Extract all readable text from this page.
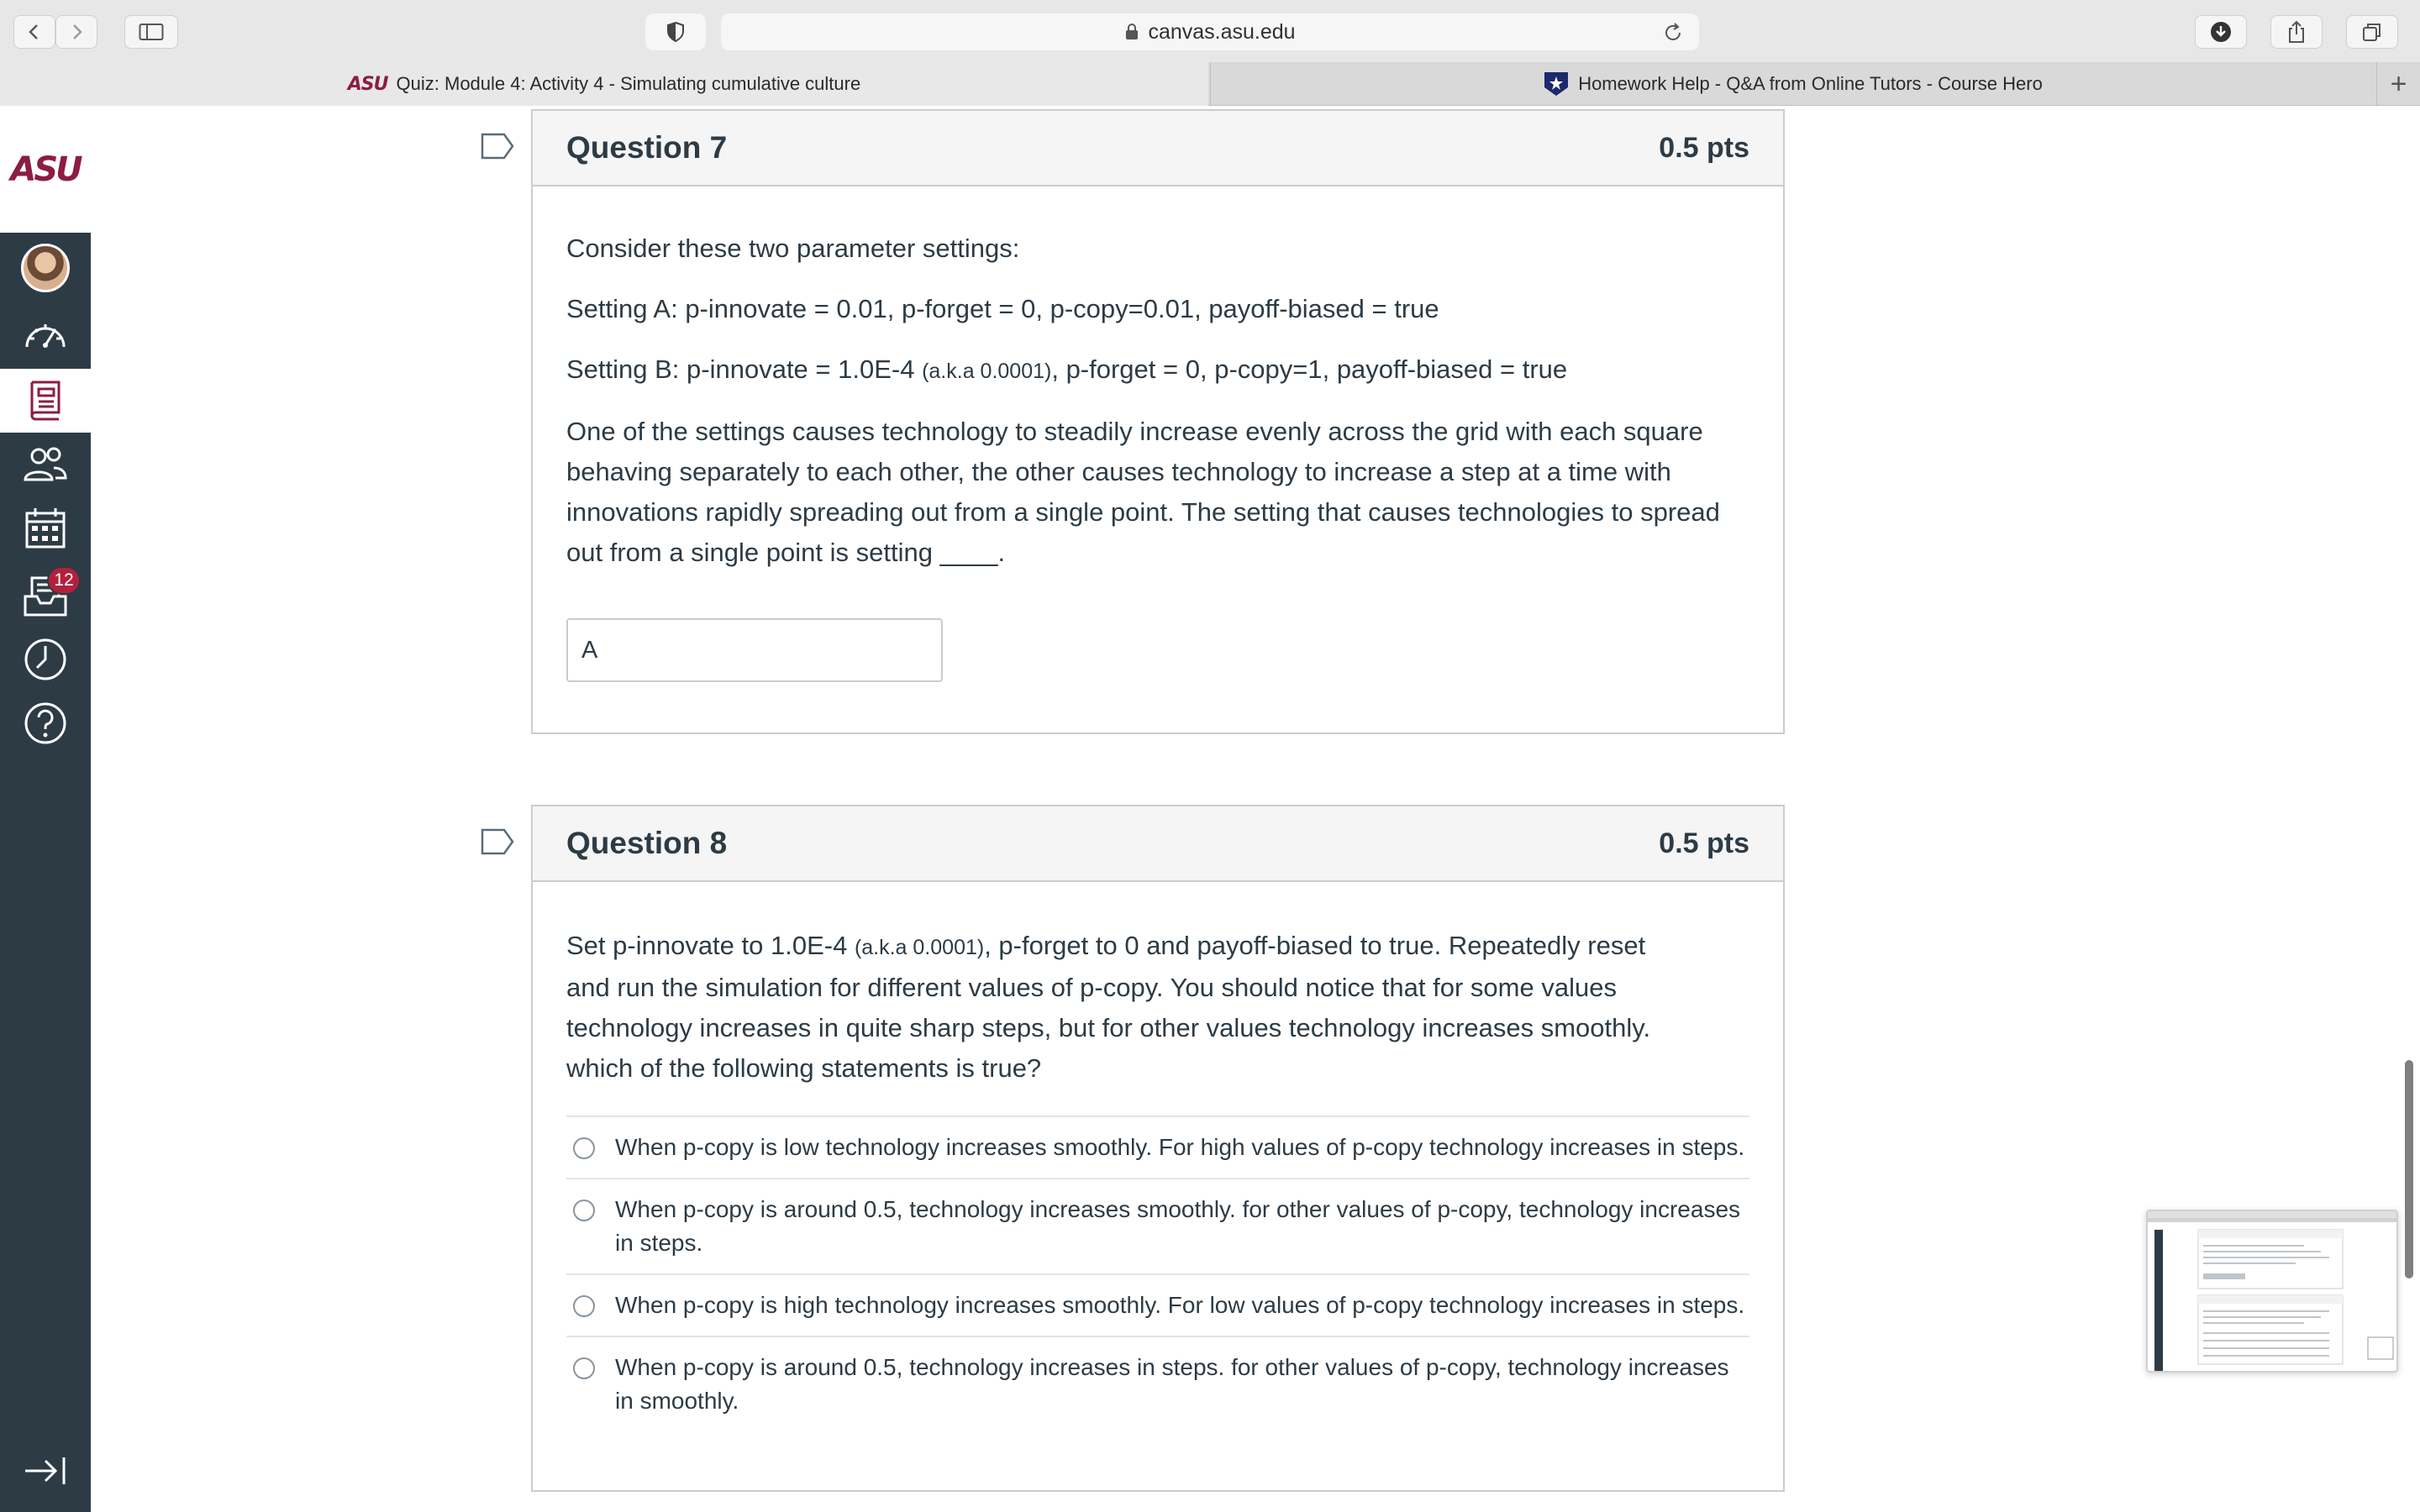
canvas.asu.edu
ASU Quiz: Module 4: Activity 4 - Simulating cumulative culture	Homework Help - Q&A from Online Tutors - Course Hero	+
ASU
12
Question 7	0.5 pts

Consider these two parameter settings:

Setting A: p-innovate = 0.01, p-forget = 0, p-copy=0.01, payoff-biased = true

Setting B: p-innovate = 1.0E-4 (a.k.a 0.0001), p-forget = 0, p-copy=1, payoff-biased = true

One of the settings causes technology to steadily increase evenly across the grid with each square behaving separately to each other, the other causes technology to increase a step at a time with innovations rapidly spreading out from a single point. The setting that causes technologies to spread out from a single point is setting ____.

A
Question 8	0.5 pts

Set p-innovate to 1.0E-4 (a.k.a 0.0001), p-forget to 0 and payoff-biased to true. Repeatedly reset and run the simulation for different values of p-copy. You should notice that for some values technology increases in quite sharp steps, but for other values technology increases smoothly. which of the following statements is true?

When p-copy is low technology increases smoothly. For high values of p-copy technology increases in steps.
When p-copy is around 0.5, technology increases smoothly. for other values of p-copy, technology increases in steps.
When p-copy is high technology increases smoothly. For low values of p-copy technology increases in steps.
When p-copy is around 0.5, technology increases in steps. for other values of p-copy, technology increases in smoothly.
